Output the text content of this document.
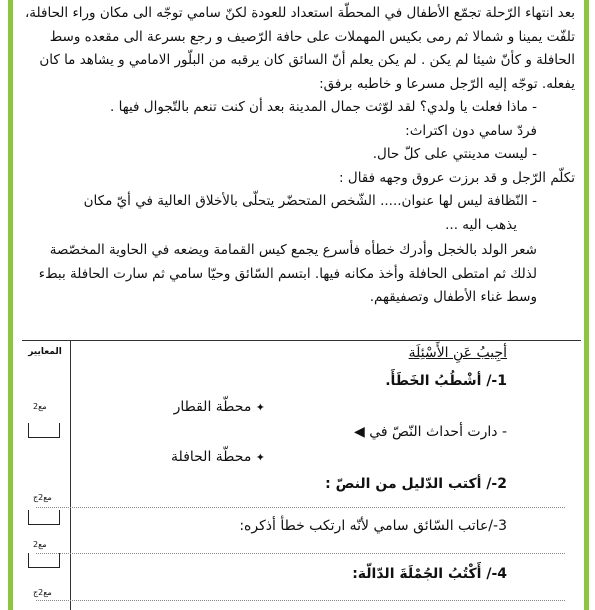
بعد انتهاء الرّحلة تجمّع الأطفال في المحطّة استعداد للعودة لكنّ سامي توجّه الى مكان وراء الحافلة، تلفّت يمينا و شمالا ثم رمى بكيس المهملات على حافة الرّصيف و رجع بسرعة الى مقعده وسط الحافلة و كأنّ شيئا لم يكن . لم يكن يعلم أنّ السائق كان يرقبه من البلّور الامامي و يشاهد ما كان يفعله. توجّه إليه الرّجل مسرعا و خاطبه برفق:

- ماذا فعلت يا ولدي؟ لقد لوّثت جمال المدينة بعد أن كنت تنعم بالتّجوال فيها .

فردّ سامي دون اكتراث:

- ليست مدينتي على كلّ حال.

تكلّم الرّجل و قد برزت عروق وجهه فقال :

- النّظافة ليس لها عنوان..... الشّخص المتحضّر يتحلّى بالأخلاق العالية في أيّ مكان

يذهب اليه ...

شعر الولد بالخجل وأدرك خطأه فأسرع يجمع كيس القمامة ويضعه في الحاوية المخصّصة لذلك ثم امتطى الحافلة وأخذ مكانه فيها. ابتسم السّائق وحيّا سامي ثم سارت الحافلة ببطء وسط غناء الأطفال وتصفيقهم.

المعايير	أجِيبُ عَنِ الأَسْئِلَة
1-/ أشْطُبُ الخَطَأَ.
✦ محطّة القطار
- دارت أحداث النّصّ في ◀
✦ محطّة الحافلة
2-/ أكتب الدّليل من النصّ :
3-/عاتب السّائق سامي لأنّه ارتكب خطأ أذكره:
4-/ أَكْتُبُ الجُمْلَةَ الدّالّة:
مع2
مع2ج
مع2
مع2ج
